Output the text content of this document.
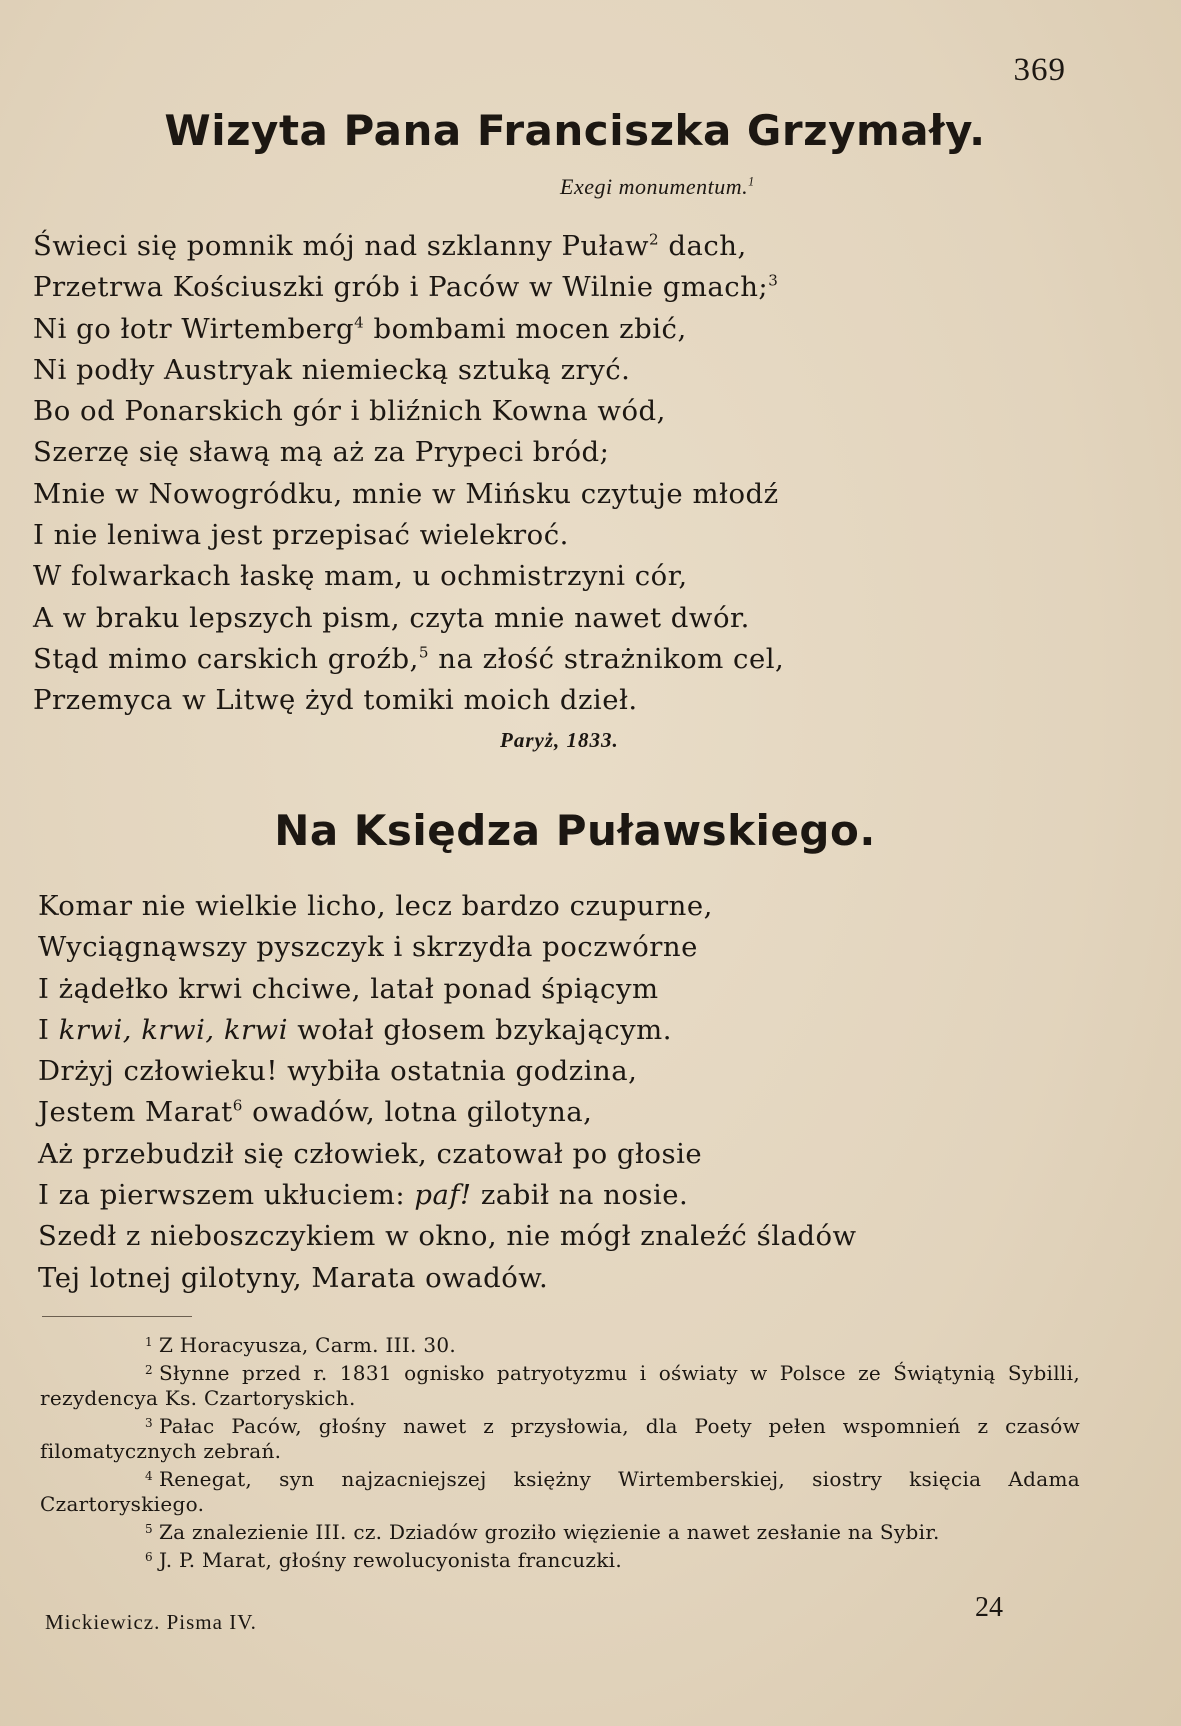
369
Wizyta Pana Franciszka Grzymały.
Exegi monumentum.$^1$
Świeci się pomnik mój nad szklanny Puław$^2$ dach,
Przetrwa Kościuszki grób i Paców w Wilnie gmach;$^3$
Ni go łotr Wirtemberg$^4$ bombami mocen zbić,
Ni podły Austryak niemiecką sztuką zryć.
Bo od Ponarskich gór i bliźnich Kowna wód,
Szerzę się sławą mą aż za Prypeci bród;
Mnie w Nowogródku, mnie w Mińsku czytuje młodź
I nie leniwa jest przepisać wielekroć.
W folwarkach łaskę mam, u ochmistrzyni cór,
A w braku lepszych pism, czyta mnie nawet dwór.
Stąd mimo carskich groźb,$^5$ na złość strażnikom cel,
Przemyca w Litwę żyd tomiki moich dzieł.
Paryż, 1833.
Na Księdza Puławskiego.
Komar nie wielkie licho, lecz bardzo czupurne,
Wyciągnąwszy pyszczyk i skrzydła poczwórne
I żądełko krwi chciwe, latał ponad śpiącym
I krwi, krwi, krwi wołał głosem bzykającym.
Drżyj człowieku! wybiła ostatnia godzina,
Jestem Marat$^6$ owadów, lotna gilotyna,
Aż przebudził się człowiek, czatował po głosie
I za pierwszem ukłuciem: paf! zabił na nosie.
Szedł z nieboszczykiem w okno, nie mógł znaleźć śladów
Tej lotnej gilotyny, Marata owadów.
$^1$ Z Horacyusza, Carm. III. 30.
$^2$ Słynne przed r. 1831 ognisko patryotyzmu i oświaty w Polsce ze Świątynią Sybilli, rezydencya Ks. Czartoryskich.
$^3$ Pałac Paców, głośny nawet z przysłowia, dla Poety pełen wspomnień z czasów filomatycznych zebrań.
$^4$ Renegat, syn najzacniejszej księżny Wirtemberskiej, siostry księcia Adama Czartoryskiego.
$^5$ Za znalezienie III. cz. Dziadów groziło więzienie a nawet zesłanie na Sybir.
$^6$ J. P. Marat, głośny rewolucyonista francuzki.
Mickiewicz. Pisma IV.	24
